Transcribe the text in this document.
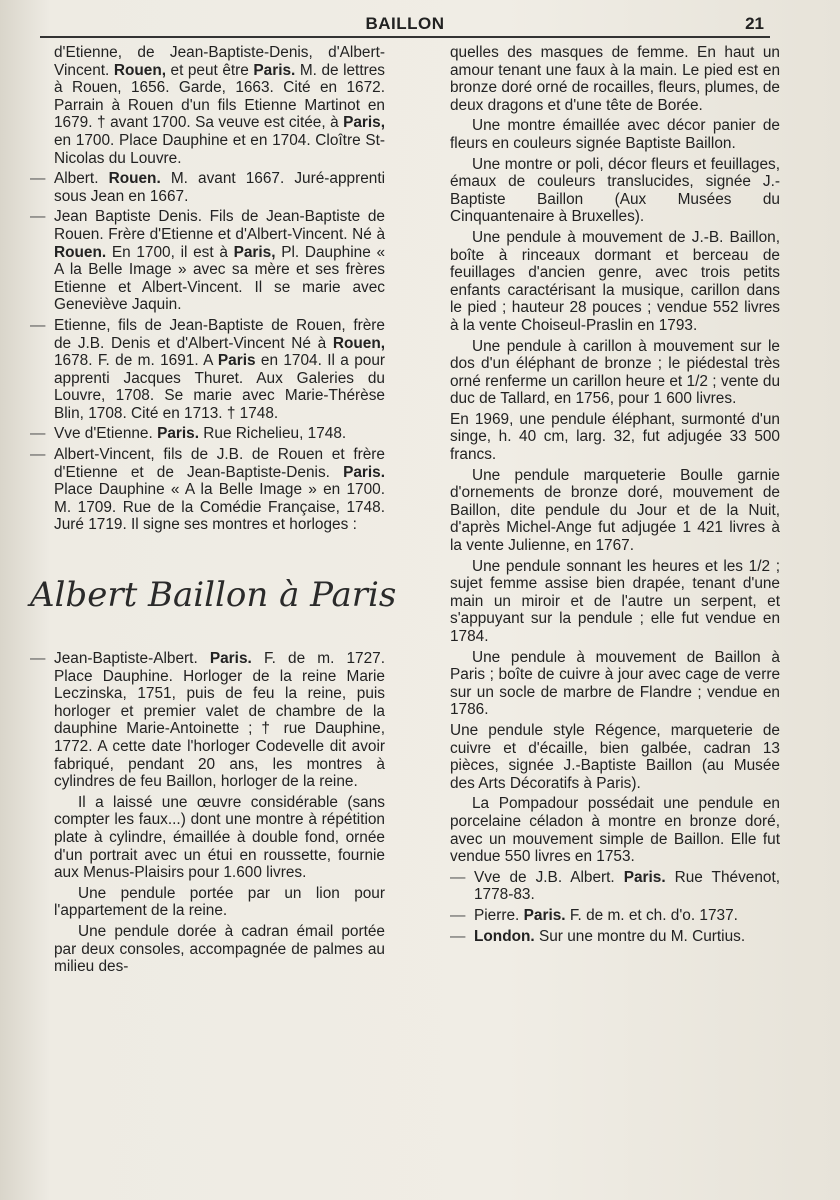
BAILLON	21
d'Etienne, de Jean-Baptiste-Denis, d'Albert-Vincent. Rouen, et peut être Paris. M. de lettres à Rouen, 1656. Garde, 1663. Cité en 1672. Parrain à Rouen d'un fils Etienne Martinot en 1679. † avant 1700. Sa veuve est citée, à Paris, en 1700. Place Dauphine et en 1704. Cloître St-Nicolas du Louvre.
— Albert. Rouen. M. avant 1667. Juré-apprenti sous Jean en 1667.
— Jean Baptiste Denis. Fils de Jean-Baptiste de Rouen. Frère d'Etienne et d'Albert-Vincent. Né à Rouen. En 1700, il est à Paris, Pl. Dauphine « A la Belle Image » avec sa mère et ses frères Etienne et Albert-Vincent. Il se marie avec Geneviève Jaquin.
— Etienne, fils de Jean-Baptiste de Rouen, frère de J.B. Denis et d'Albert-Vincent Né à Rouen, 1678. F. de m. 1691. A Paris en 1704. Il a pour apprenti Jacques Thuret. Aux Galeries du Louvre, 1708. Se marie avec Marie-Thérèse Blin, 1708. Cité en 1713. † 1748.
— Vve d'Etienne. Paris. Rue Richelieu, 1748.
— Albert-Vincent, fils de J.B. de Rouen et frère d'Etienne et de Jean-Baptiste-Denis. Paris. Place Dauphine « A la Belle Image » en 1700. M. 1709. Rue de la Comédie Française, 1748. Juré 1719. Il signe ses montres et horloges :
Albert Baillon à Paris
— Jean-Baptiste-Albert. Paris. F. de m. 1727. Place Dauphine. Horloger de la reine Marie Leczinska, 1751, puis de feu la reine, puis horloger et premier valet de chambre de la dauphine Marie-Antoinette ; † rue Dauphine, 1772. A cette date l'horloger Codevelle dit avoir fabriqué, pendant 20 ans, les montres à cylindres de feu Baillon, horloger de la reine.
Il a laissé une œuvre considérable (sans compter les faux...) dont une montre à répétition plate à cylindre, émaillée à double fond, ornée d'un portrait avec un étui en roussette, fournie aux Menus-Plaisirs pour 1.600 livres.
Une pendule portée par un lion pour l'appartement de la reine.
Une pendule dorée à cadran émail portée par deux consoles, accompagnée de palmes au milieu des-
quelles des masques de femme. En haut un amour tenant une faux à la main. Le pied est en bronze doré orné de rocailles, fleurs, plumes, de deux dragons et d'une tête de Borée.
Une montre émaillée avec décor panier de fleurs en couleurs signée Baptiste Baillon.
Une montre or poli, décor fleurs et feuillages, émaux de couleurs translucides, signée J.-Baptiste Baillon (Aux Musées du Cinquantenaire à Bruxelles).
Une pendule à mouvement de J.-B. Baillon, boîte à rinceaux dormant et berceau de feuillages d'ancien genre, avec trois petits enfants caractérisant la musique, carillon dans le pied ; hauteur 28 pouces ; vendue 552 livres à la vente Choiseul-Praslin en 1793.
Une pendule à carillon à mouvement sur le dos d'un éléphant de bronze ; le piédestal très orné renferme un carillon heure et 1/2 ; vente du duc de Tallard, en 1756, pour 1 600 livres.
En 1969, une pendule éléphant, surmonté d'un singe, h. 40 cm, larg. 32, fut adjugée 33 500 francs.
Une pendule marqueterie Boulle garnie d'ornements de bronze doré, mouvement de Baillon, dite pendule du Jour et de la Nuit, d'après Michel-Ange fut adjugée 1 421 livres à la vente Julienne, en 1767.
Une pendule sonnant les heures et les 1/2 ; sujet femme assise bien drapée, tenant d'une main un miroir et de l'autre un serpent, et s'appuyant sur la pendule ; elle fut vendue en 1784.
Une pendule à mouvement de Baillon à Paris ; boîte de cuivre à jour avec cage de verre sur un socle de marbre de Flandre ; vendue en 1786.
Une pendule style Régence, marqueterie de cuivre et d'écaille, bien galbée, cadran 13 pièces, signée J.-Baptiste Baillon (au Musée des Arts Décoratifs à Paris).
La Pompadour possédait une pendule en porcelaine céladon à montre en bronze doré, avec un mouvement simple de Baillon. Elle fut vendue 550 livres en 1753.
— Vve de J.B. Albert. Paris. Rue Thévenot, 1778-83.
— Pierre. Paris. F. de m. et ch. d'o. 1737.
— London. Sur une montre du M. Curtius.
